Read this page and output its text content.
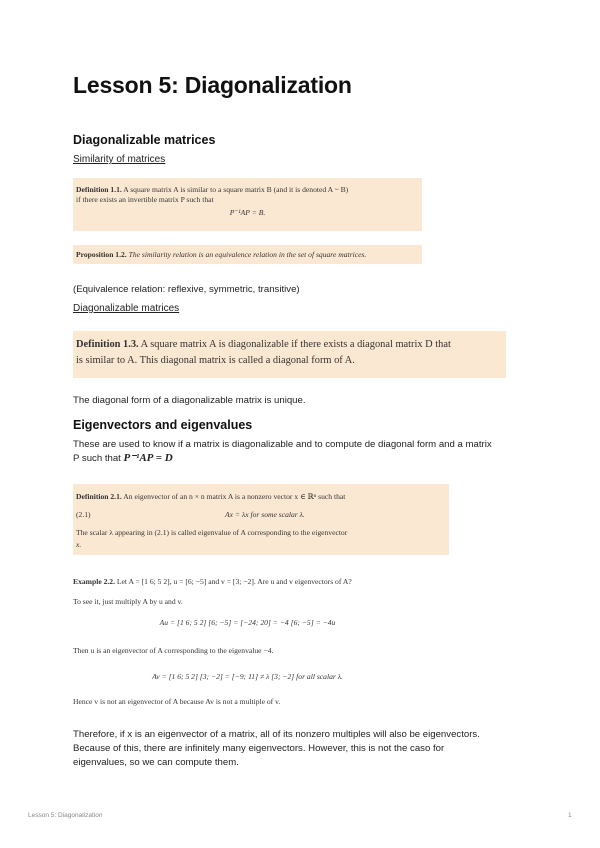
Lesson 5: Diagonalization
Diagonalizable matrices
Similarity of matrices
Definition 1.1. A square matrix A is similar to a square matrix B (and it is denoted A ~ B)
if there exists an invertible matrix P such that
P⁻¹AP = B.
Proposition 1.2. The similarity relation is an equivalence relation in the set of square matrices.
(Equivalence relation: reflexive, symmetric, transitive)
Diagonalizable matrices
Definition 1.3. A square matrix A is diagonalizable if there exists a diagonal matrix D that
is similar to A. This diagonal matrix is called a diagonal form of A.
The diagonal form of a diagonalizable matrix is unique.
Eigenvectors and eigenvalues
These are used to know if a matrix is diagonalizable and to compute de diagonal form and a matrix
P such that P⁻¹AP = D
Definition 2.1. An eigenvector of an n × n matrix A is a nonzero vector x ∈ ℝⁿ such that
(2.1)	Ax = λx for some scalar λ.
The scalar λ appearing in (2.1) is called eigenvalue of A corresponding to the eigenvector
x.
Example 2.2. Let A = [1 6; 5 2], u = [6; −5] and v = [3; −2]. Are u and v eigenvectors of A?
To see it, just multiply A by u and v.
Au = [1 6; 5 2] [6; −5] = [−24; 20] = −4 [6; −5] = −4u
Then u is an eigenvector of A corresponding to the eigenvalue −4.
Av = [1 6; 5 2] [3; −2] = [−9; 11] ≠ λ [3; −2] for all scalar λ.
Hence v is not an eigenvector of A because Av is not a multiple of v.
Therefore, if x is an eigenvector of a matrix, all of its nonzero multiples will also be eigenvectors.
Because of this, there are infinitely many eigenvectors. However, this is not the caso for
eigenvalues, so we can compute them.
Lesson 5: Diagonalization	1
